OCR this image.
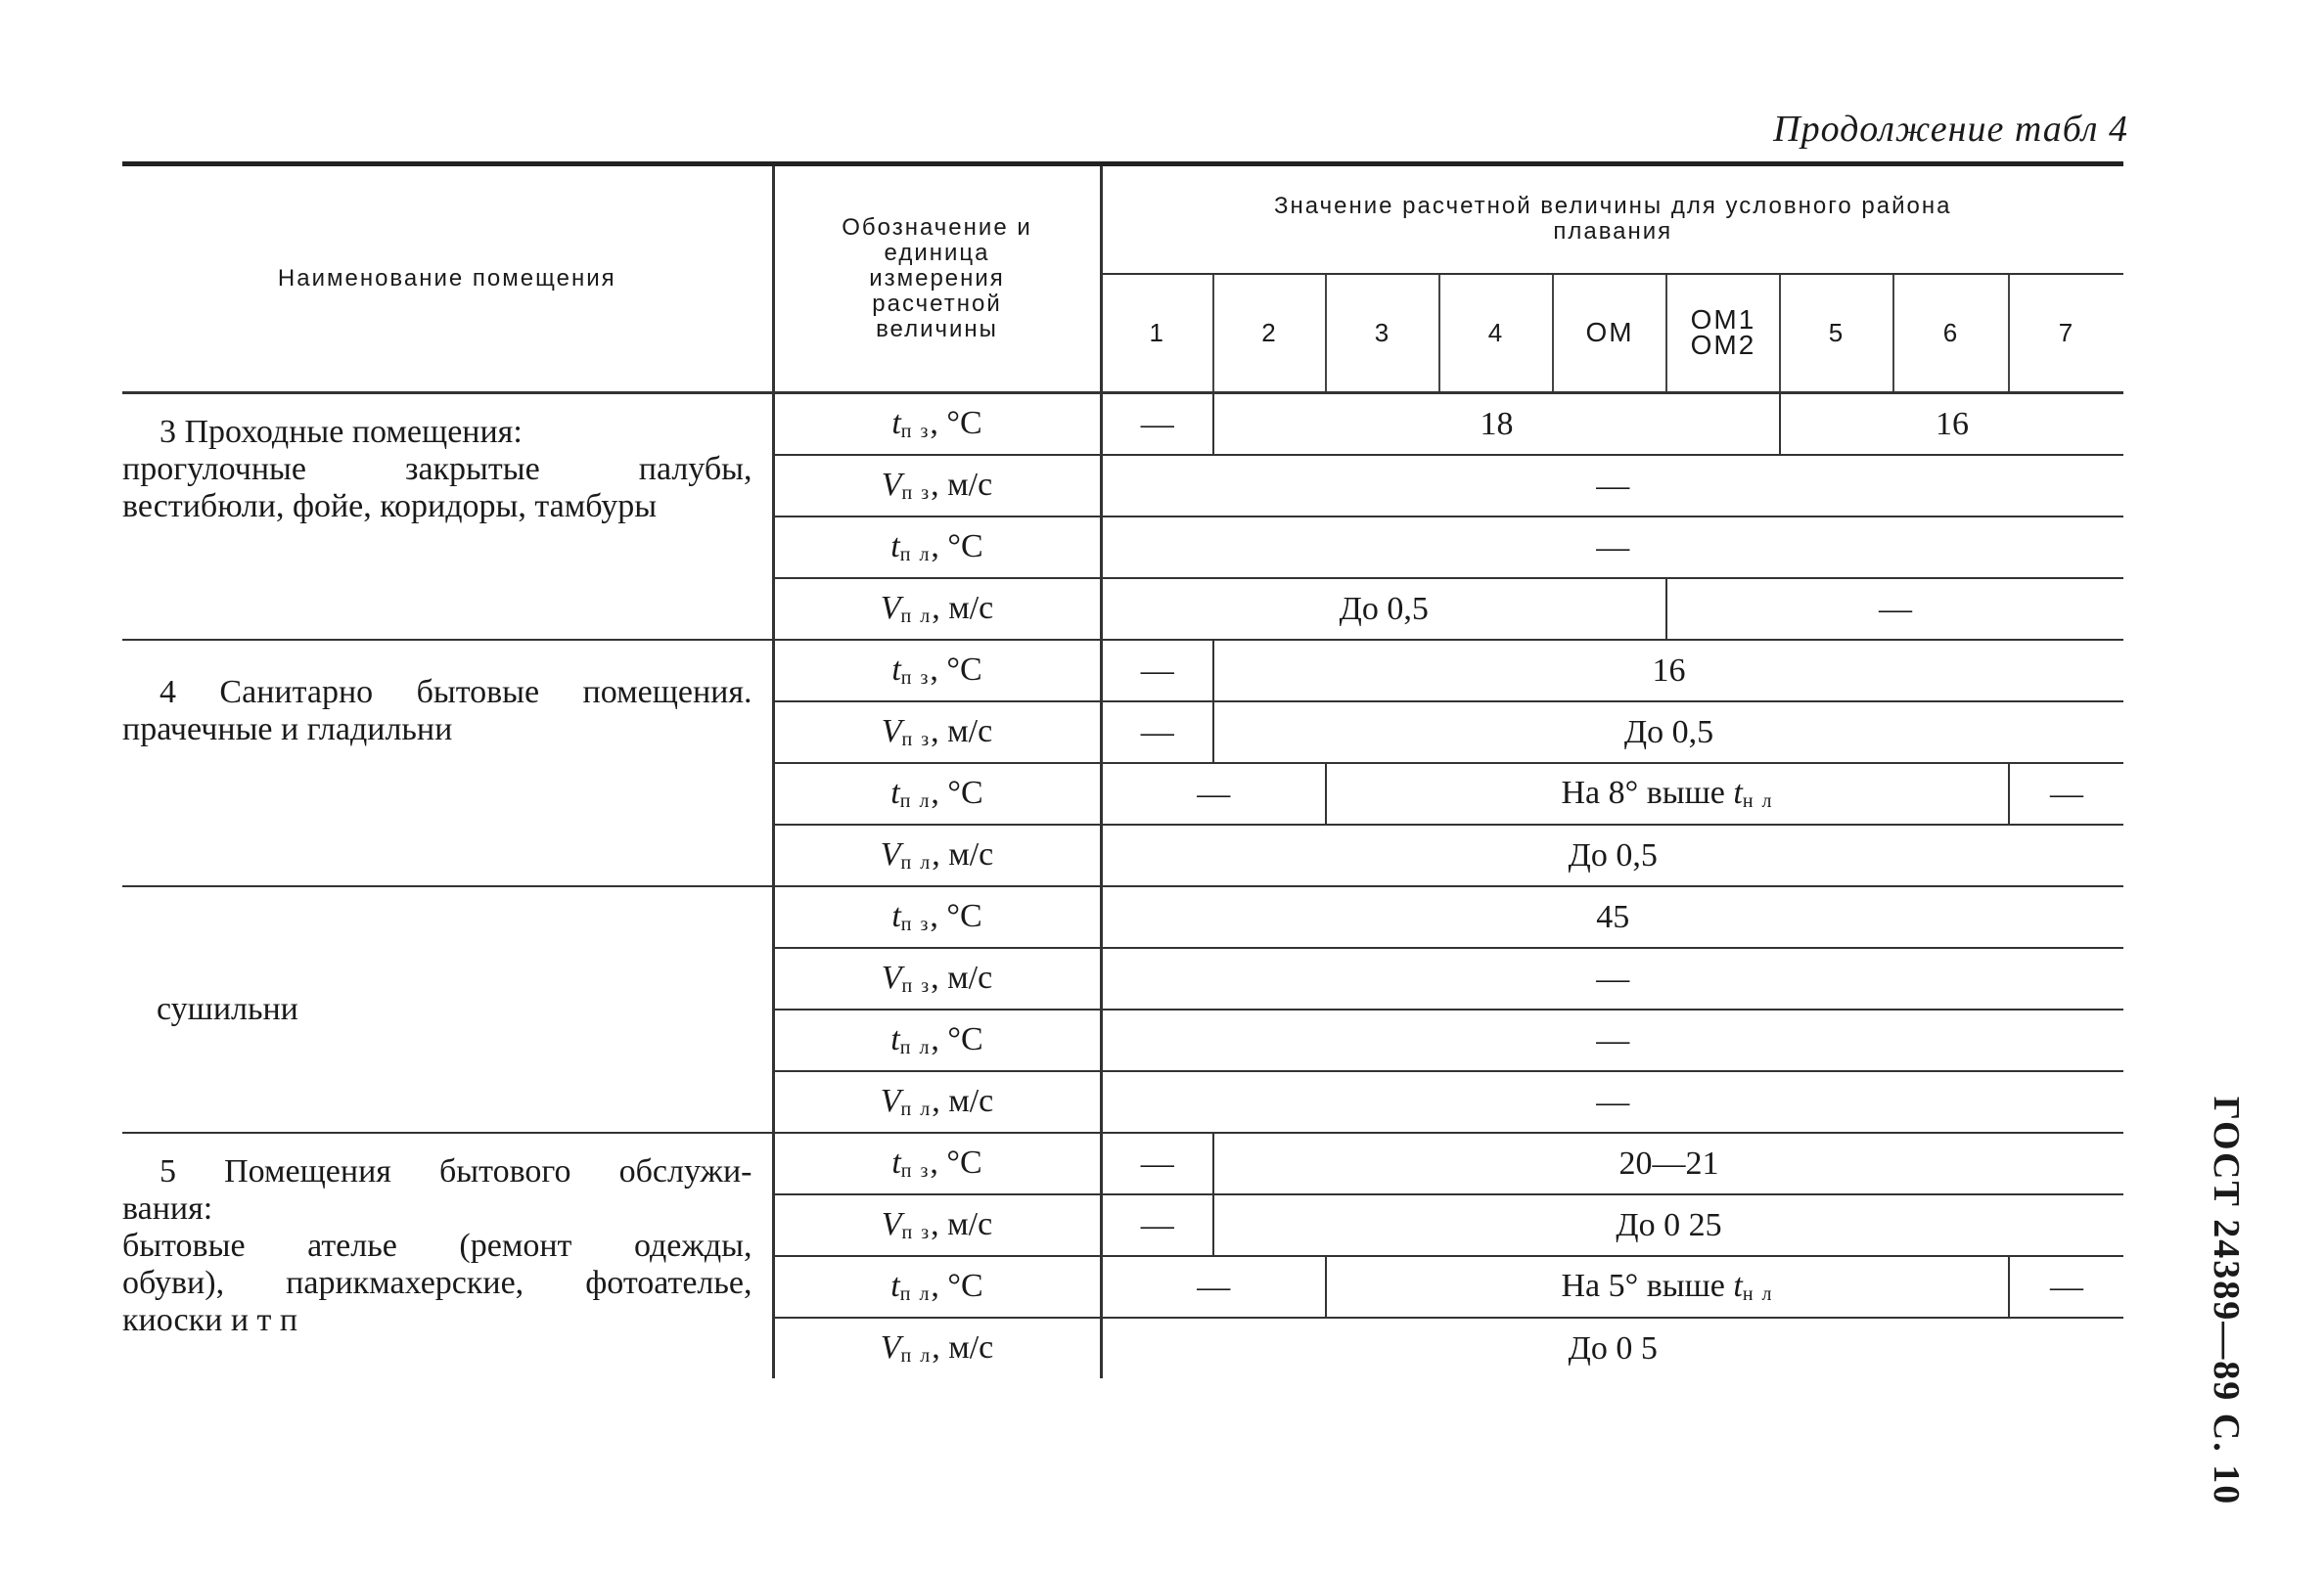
Продолжение табл 4
ГОСТ 24389—89 С. 10
Наименование помещения	Обозначение и единица измерения расчетной величины	Значение расчетной величины для условного района плавания								
		1	2	3	4	ОМ	ОМ1 ОМ2	5	6	7

3 Проходные помещения:
прогулочные закрытые палубы,
вестибюли, фойе, коридоры, тамбуры	$t_{п з}$, °С	—	18					16		
	$V_{п з}$, м/с	—								
	$t_{п л}$, °С	—								
	$V_{п л}$, м/с	До 0,5					—			

4 Санитарно бытовые помещения.
прачечные и гладильни	$t_{п з}$, °С	—	16							
	$V_{п з}$, м/с	—	До 0,5							
	$t_{п л}$, °С	—		На 8° выше $t_{н л}$						—
	$V_{п л}$, м/с	До 0,5								

сушильни	$t_{п з}$, °С	45								
	$V_{п з}$, м/с	—								
	$t_{п л}$, °С	—								
	$V_{п л}$, м/с	—								

5 Помещения бытового обслужи-
вания:
бытовые ателье (ремонт одежды,
обуви), парикмахерские, фотоателье,
киоски и т п	$t_{п з}$, °С	—	20—21							
	$V_{п з}$, м/с	—	До 0 25							
	$t_{п л}$, °С	—		На 5° выше $t_{н л}$						—
	$V_{п л}$, м/с	До 0 5								
